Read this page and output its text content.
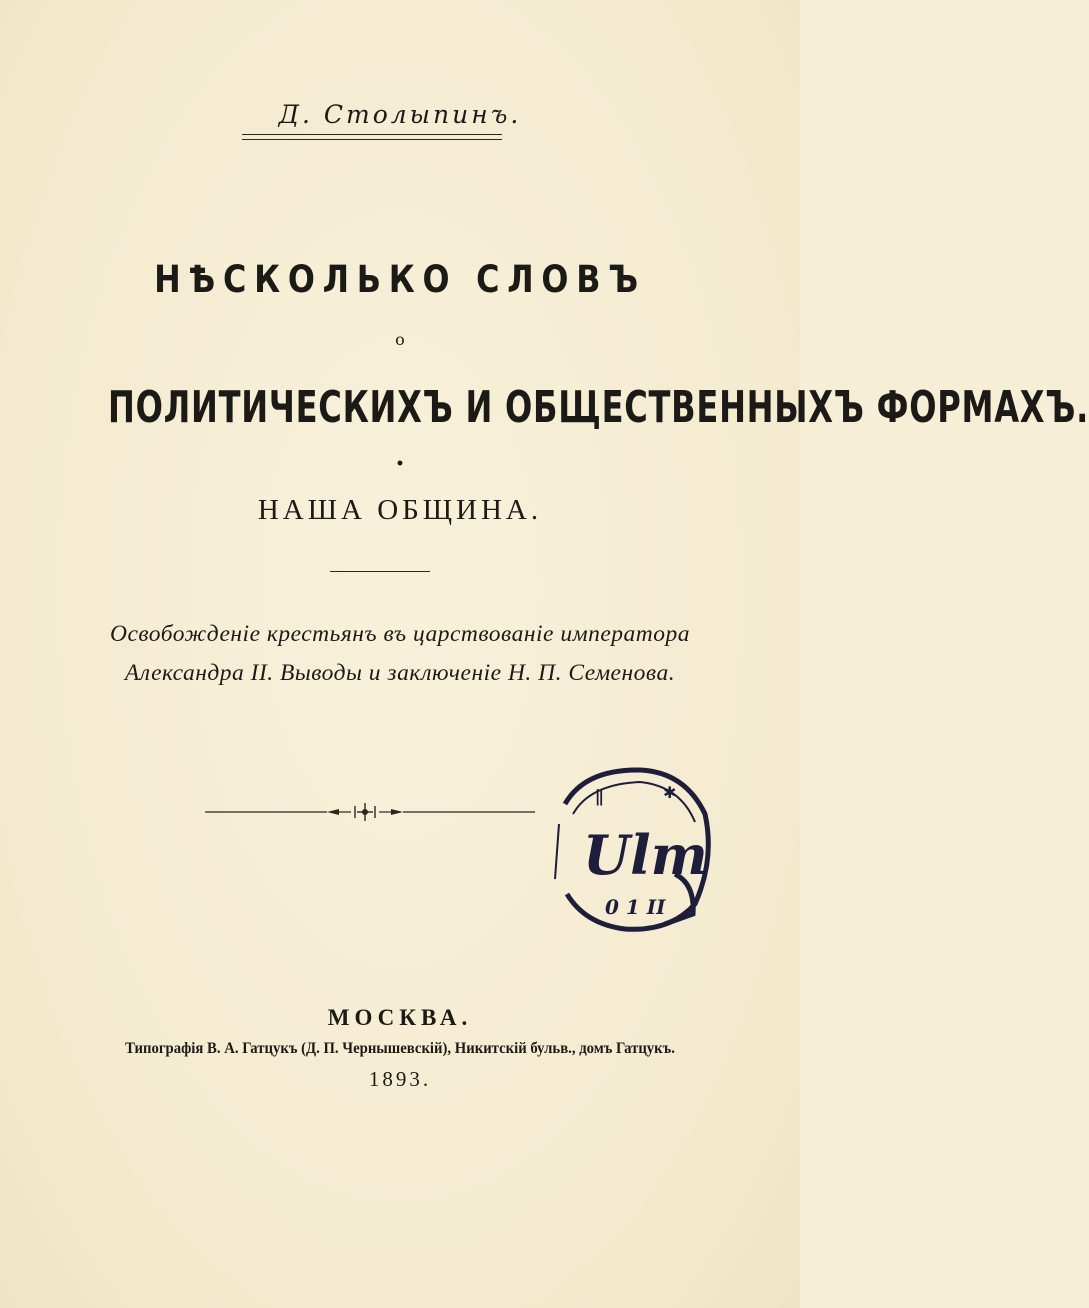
Д. Столыпинъ.
НѢСКОЛЬКО СЛОВЪ
о
ПОЛИТИЧЕСКИХЪ И ОБЩЕСТВЕННЫХЪ ФОРМАХЪ.
•
НАША ОБЩИНА.
Освобожденіе крестьянъ въ царствованіе императора
Александра II. Выводы и заключеніе Н. П. Семенова.
ǁ	✱
Ulm
0 1 II
МОСКВА.
Типографія В. А. Гатцукъ (Д. П. Чернышевскій), Никитскій бульв., домъ Гатцукъ.
1893.
